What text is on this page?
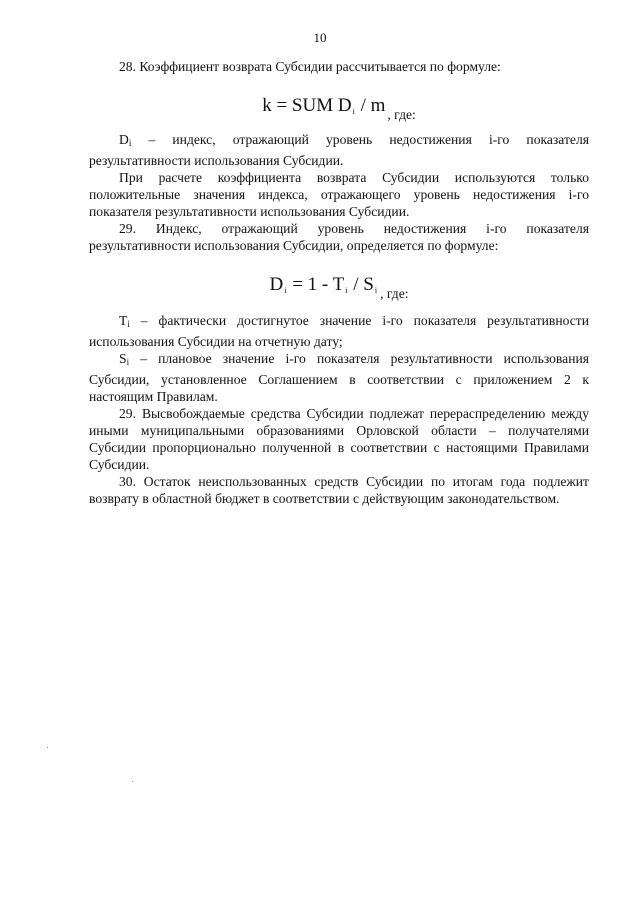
10

28. Коэффициент возврата Субсидии рассчитывается по формуле:

k = SUM $D_i$ / m , где:

$D_i$ – индекс, отражающий уровень недостижения i-го показателя результативности использования Субсидии.

При расчете коэффициента возврата Субсидии используются только положительные значения индекса, отражающего уровень недостижения i-го показателя результативности использования Субсидии.

29. Индекс, отражающий уровень недостижения i-го показателя результативности использования Субсидии, определяется по формуле:

$D_i = 1 - T_i / S_i$ , где:

$T_i$ – фактически достигнутое значение i-го показателя результативности использования Субсидии на отчетную дату;

$S_i$ – плановое значение i-го показателя результативности использования Субсидии, установленное Соглашением в соответствии с приложением 2 к настоящим Правилам.

29. Высвобождаемые средства Субсидии подлежат перераспределению между иными муниципальными образованиями Орловской области – получателями Субсидии пропорционально полученной в соответствии с настоящими Правилами Субсидии.

30. Остаток неиспользованных средств Субсидии по итогам года подлежит возврату в областной бюджет в соответствии с действующим законодательством.
